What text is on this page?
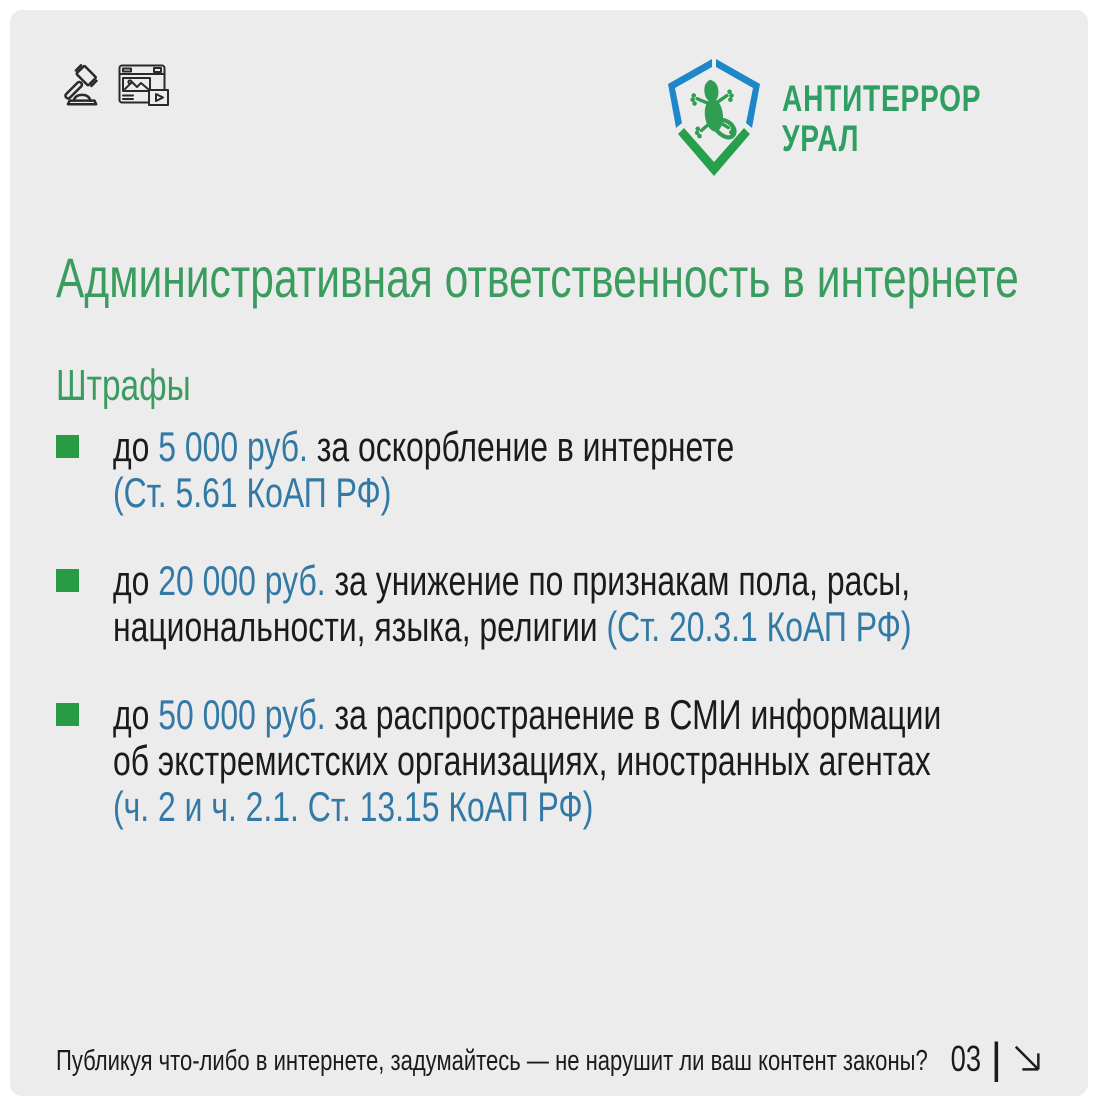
АНТИТЕРРОР
УРАЛ
Административная ответственность в интернете
Штрафы
до 5 000 руб. за оскорбление в интернете
(Ст. 5.61 КоАП РФ)
до 20 000 руб. за унижение по признакам пола, расы,
национальности, языка, религии (Ст. 20.3.1 КоАП РФ)
до 50 000 руб. за распространение в СМИ информации
об экстремистских организациях, иностранных агентах
(ч. 2 и ч. 2.1. Ст. 13.15 КоАП РФ)
Публикуя что-либо в интернете, задумайтесь — не нарушит ли ваш контент законы? 03 |
